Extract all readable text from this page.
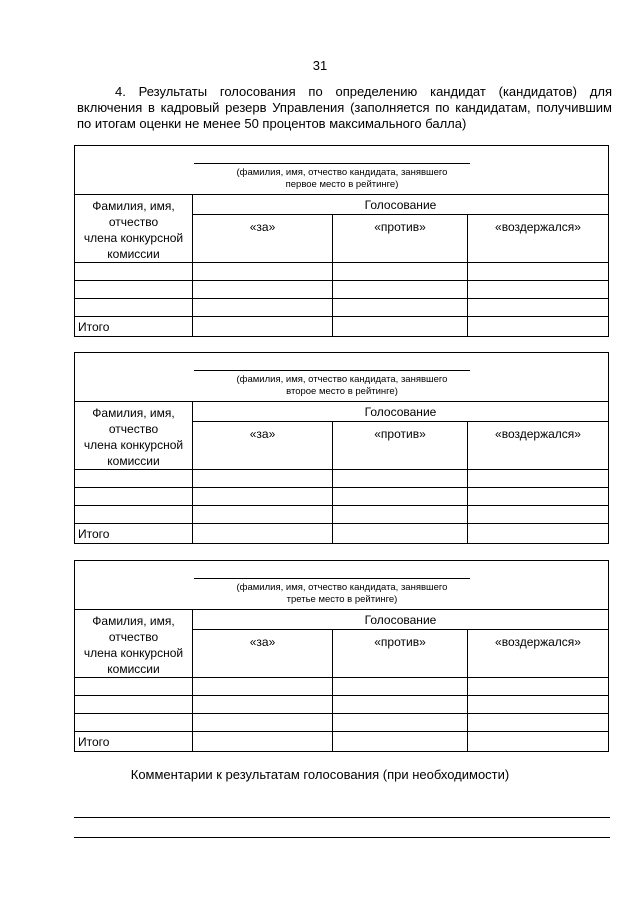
31
4. Результаты голосования по определению кандидат (кандидатов) для включения в кадровый резерв Управления (заполняется по кандидатам, получившим по итогам оценки не менее 50 процентов максимального балла)
(фамилия, имя, отчество кандидата, занявшего
первое место в рейтинге)			

Фамилия, имя,
отчество
члена конкурсной
комиссии	Голосование		
	«за»	«против»	«воздержался»

Итого			
(фамилия, имя, отчество кандидата, занявшего
второе место в рейтинге)			

Фамилия, имя,
отчество
члена конкурсной
комиссии	Голосование		
	«за»	«против»	«воздержался»

Итого			
(фамилия, имя, отчество кандидата, занявшего
третье место в рейтинге)			

Фамилия, имя,
отчество
члена конкурсной
комиссии	Голосование		
	«за»	«против»	«воздержался»

Итого			
Комментарии к результатам голосования (при необходимости)
